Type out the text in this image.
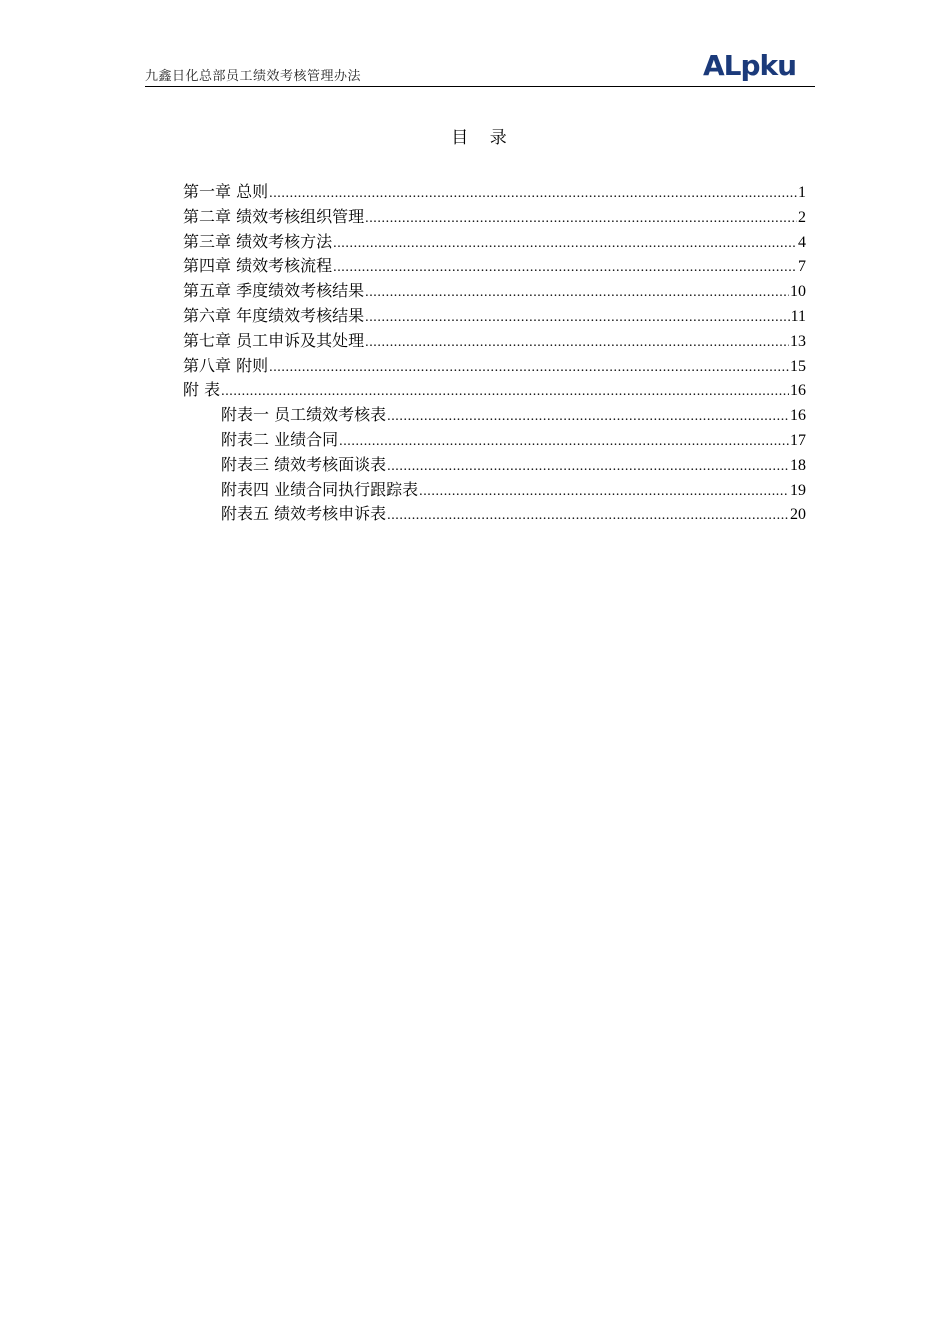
九鑫日化总部员工绩效考核管理办法	ALpku
目 录
第一章 总则 .....	1
第二章 绩效考核组织管理 .....	2
第三章 绩效考核方法 .....	4
第四章 绩效考核流程 .....	7
第五章 季度绩效考核结果 .....	10
第六章 年度绩效考核结果 .....	11
第七章 员工申诉及其处理 .....	13
第八章 附则 .....	15
附 表 .....	16
附表一 员工绩效考核表 .....	16
附表二 业绩合同 .....	17
附表三 绩效考核面谈表 .....	18
附表四 业绩合同执行跟踪表 .....	19
附表五 绩效考核申诉表 .....	20
